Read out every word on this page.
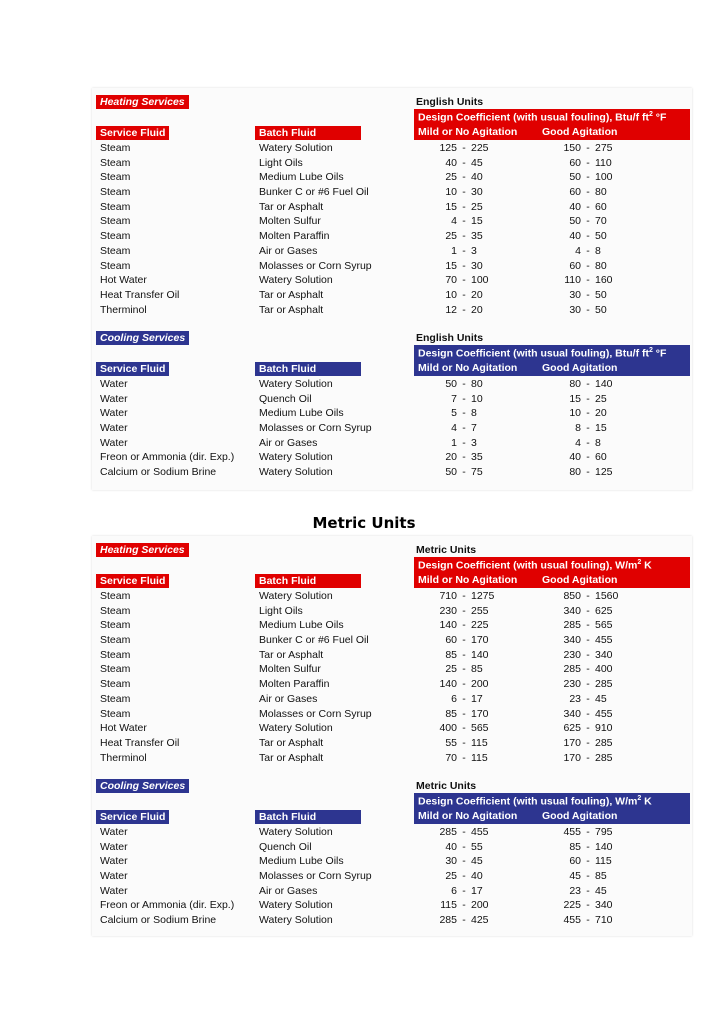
Heating Services	English Units
Design Coefficient (with usual fouling), Btu/f $ft^2$ °F
Mild or No Agitation Good Agitation
Service Fluid	Batch Fluid
Steam	Watery Solution	125 - 225	150 - 275
Steam	Light Oils	40 - 45	60 - 110
Steam	Medium Lube Oils	25 - 40	50 - 100
Steam	Bunker C or #6 Fuel Oil	10 - 30	60 - 80
Steam	Tar or Asphalt	15 - 25	40 - 60
Steam	Molten Sulfur	4 - 15	50 - 70
Steam	Molten Paraffin	25 - 35	40 - 50
Steam	Air or Gases	1 - 3	4 - 8
Steam	Molasses or Corn Syrup	15 - 30	60 - 80
Hot Water	Watery Solution	70 - 100	110 - 160
Heat Transfer Oil	Tar or Asphalt	10 - 20	30 - 50
Therminol	Tar or Asphalt	12 - 20	30 - 50
Cooling Services	English Units
Design Coefficient (with usual fouling), Btu/f $ft^2$ °F
Mild or No Agitation Good Agitation
Service Fluid	Batch Fluid
Water	Watery Solution	50 - 80	80 - 140
Water	Quench Oil	7 - 10	15 - 25
Water	Medium Lube Oils	5 - 8	10 - 20
Water	Molasses or Corn Syrup	4 - 7	8 - 15
Water	Air or Gases	1 - 3	4 - 8
Freon or Ammonia (dir. Exp.) Watery Solution	20 - 35	40 - 60
Calcium or Sodium Brine	Watery Solution	50 - 75	80 - 125
Metric Units
Heating Services	Metric Units
Design Coefficient (with usual fouling), $W/m^2$ K
Mild or No Agitation Good Agitation
Service Fluid	Batch Fluid
Steam	Watery Solution	710 - 1275	850 - 1560
Steam	Light Oils	230 - 255	340 - 625
Steam	Medium Lube Oils	140 - 225	285 - 565
Steam	Bunker C or #6 Fuel Oil	60 - 170	340 - 455
Steam	Tar or Asphalt	85 - 140	230 - 340
Steam	Molten Sulfur	25 - 85	285 - 400
Steam	Molten Paraffin	140 - 200	230 - 285
Steam	Air or Gases	6 - 17	23 - 45
Steam	Molasses or Corn Syrup	85 - 170	340 - 455
Hot Water	Watery Solution	400 - 565	625 - 910
Heat Transfer Oil	Tar or Asphalt	55 - 115	170 - 285
Therminol	Tar or Asphalt	70 - 115	170 - 285
Cooling Services	Metric Units
Design Coefficient (with usual fouling), $W/m^2$ K
Mild or No Agitation Good Agitation
Service Fluid	Batch Fluid
Water	Watery Solution	285 - 455	455 - 795
Water	Quench Oil	40 - 55	85 - 140
Water	Medium Lube Oils	30 - 45	60 - 115
Water	Molasses or Corn Syrup	25 - 40	45 - 85
Water	Air or Gases	6 - 17	23 - 45
Freon or Ammonia (dir. Exp.) Watery Solution	115 - 200	225 - 340
Calcium or Sodium Brine	Watery Solution	285 - 425	455 - 710
